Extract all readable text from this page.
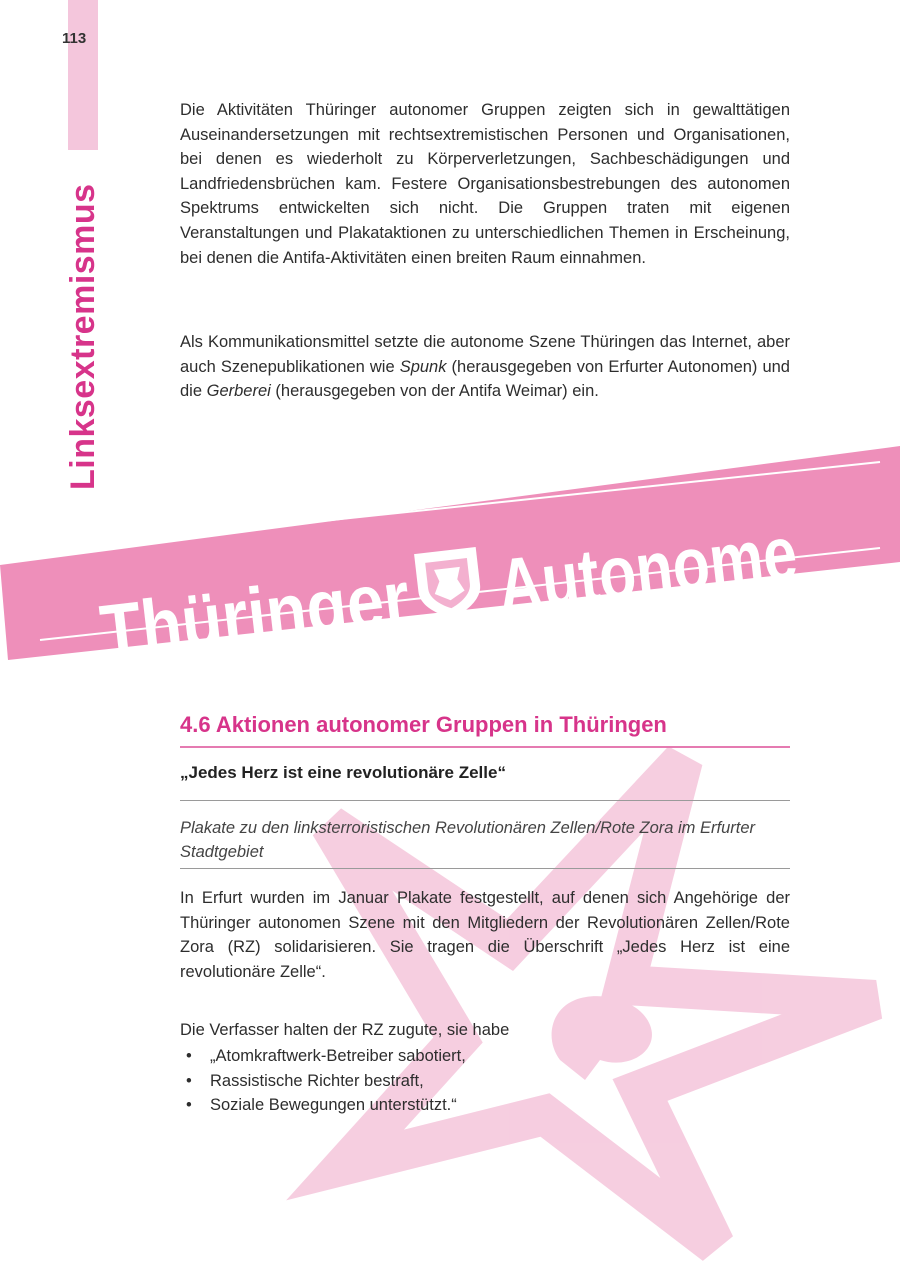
113
Linksextremismus
Die Aktivitäten Thüringer autonomer Gruppen zeigten sich in gewalttätigen Auseinandersetzungen mit rechtsextremistischen Personen und Organisationen, bei denen es wiederholt zu Körperverletzungen, Sachbeschädigungen und Landfriedensbrüchen kam. Festere Organisationsbestrebungen des autonomen Spektrums entwickelten sich nicht. Die Gruppen traten mit eigenen Veranstaltungen und Plakataktionen zu unterschiedlichen Themen in Erscheinung, bei denen die Antifa-Aktivitäten einen breiten Raum einnahmen.
Als Kommunikationsmittel setzte die autonome Szene Thüringen das Internet, aber auch Szenepublikationen wie Spunk (herausgegeben von Erfurter Autonomen) und die Gerberei (herausgegeben von der Antifa Weimar) ein.
Thüringer Autonome
4.6 Aktionen autonomer Gruppen in Thüringen
„Jedes Herz ist eine revolutionäre Zelle“
Plakate zu den linksterroristischen Revolutionären Zellen/Rote Zora im Erfurter Stadtgebiet
In Erfurt wurden im Januar Plakate festgestellt, auf denen sich Angehörige der Thüringer autonomen Szene mit den Mitgliedern der Revolutionären Zellen/Rote Zora (RZ) solidarisieren. Sie tragen die Überschrift „Jedes Herz ist eine revolutionäre Zelle“.
Die Verfasser halten der RZ zugute, sie habe
• „Atomkraftwerk-Betreiber sabotiert,
• Rassistische Richter bestraft,
• Soziale Bewegungen unterstützt.“
